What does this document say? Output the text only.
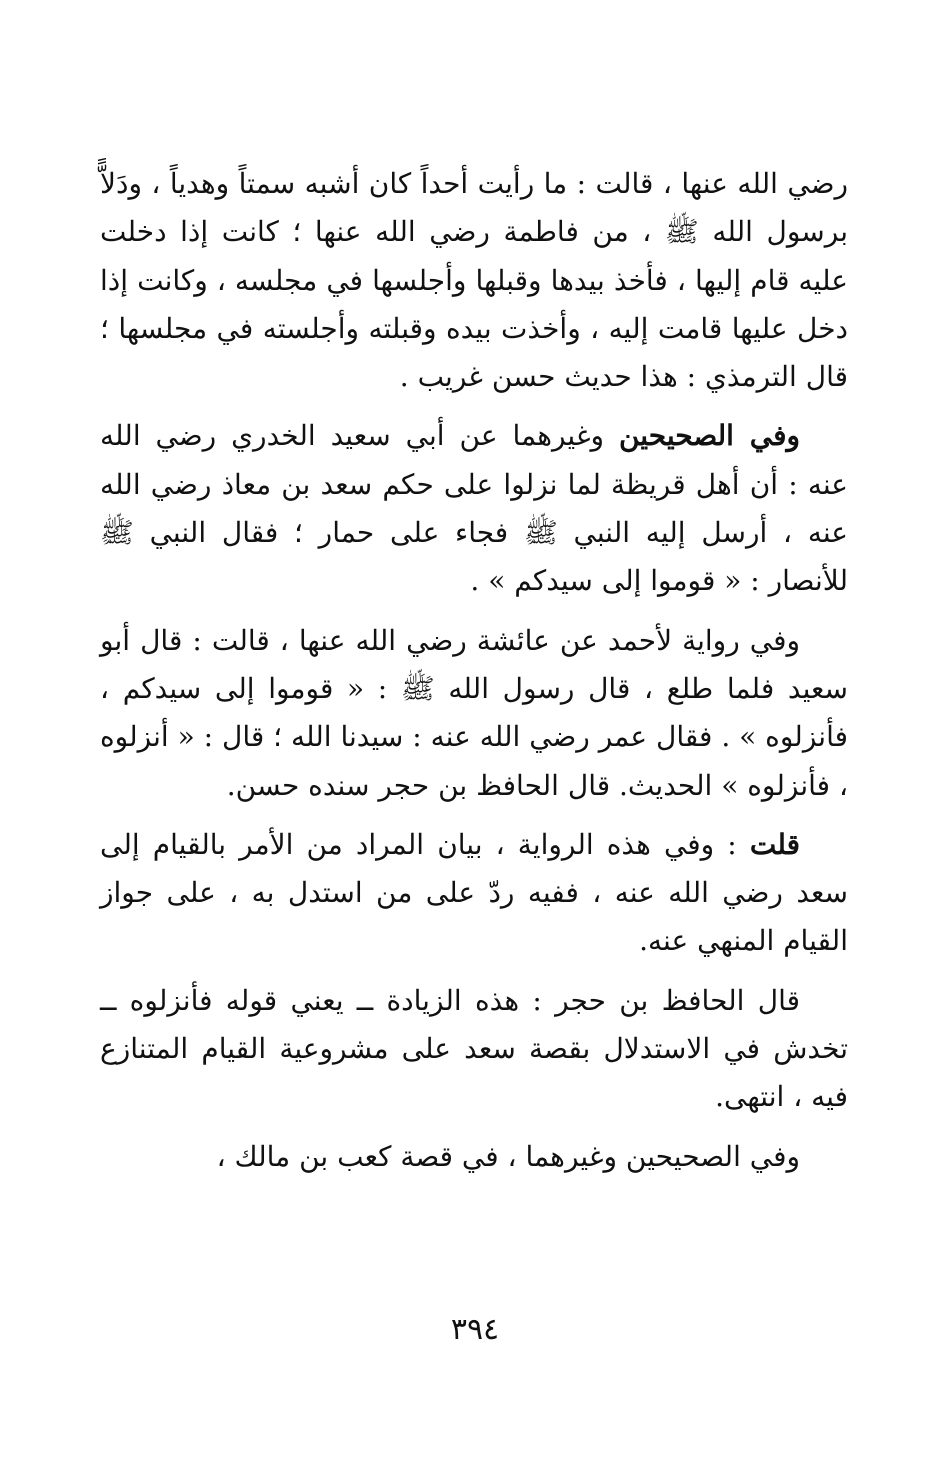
رضي الله عنها ، قالت : ما رأيت أحداً كان أشبه سمتاً وهدياً ، ودَلاًّ برسول الله ﷺ ، من فاطمة رضي الله عنها ؛ كانت إذا دخلت عليه قام إليها ، فأخذ بيدها وقبلها وأجلسها في مجلسه ، وكانت إذا دخل عليها قامت إليه ، وأخذت بيده وقبلته وأجلسته في مجلسها ؛ قال الترمذي : هذا حديث حسن غريب .

وفي الصحيحين وغيرهما عن أبي سعيد الخدري رضي الله عنه : أن أهل قريظة لما نزلوا على حكم سعد بن معاذ رضي الله عنه ، أرسل إليه النبي ﷺ فجاء على حمار ؛ فقال النبي ﷺ للأنصار : « قوموا إلى سيدكم » .

وفي رواية لأحمد عن عائشة رضي الله عنها ، قالت : قال أبو سعيد فلما طلع ، قال رسول الله ﷺ : « قوموا إلى سيدكم ، فأنزلوه » . فقال عمر رضي الله عنه : سيدنا الله ؛ قال : « أنزلوه ، فأنزلوه » الحديث. قال الحافظ بن حجر سنده حسن.

قلت : وفي هذه الرواية ، بيان المراد من الأمر بالقيام إلى سعد رضي الله عنه ، ففيه ردّ على من استدل به ، على جواز القيام المنهي عنه.

قال الحافظ بن حجر : هذه الزيادة ــ يعني قوله فأنزلوه ــ تخدش في الاستدلال بقصة سعد على مشروعية القيام المتنازع فيه ، انتهى.

وفي الصحيحين وغيرهما ، في قصة كعب بن مالك ،

٣٩٤
